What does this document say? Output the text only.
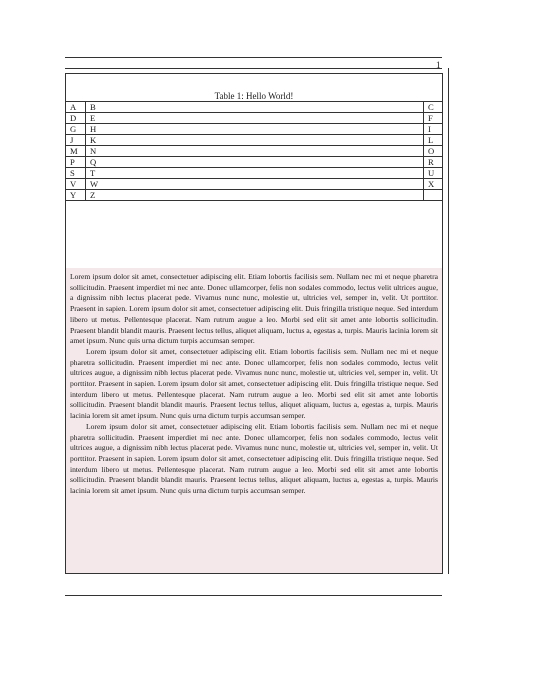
1
Table 1: Hello World!
A	B	C
D	E	F
G	H	I
J	K	L
M	N	O
P	Q	R
S	T	U
V	W	X
Y	Z	

Lorem ipsum dolor sit amet, consectetuer adipiscing elit. Etiam lobortis facilisis sem. Nullam nec mi et neque pharetra sollicitudin. Praesent imperdiet mi nec ante. Donec ullamcorper, felis non sodales commodo, lectus velit ultrices augue, a dignissim nibh lectus placerat pede. Vivamus nunc nunc, molestie ut, ultricies vel, semper in, velit. Ut porttitor. Praesent in sapien. Lorem ipsum dolor sit amet, consectetuer adipiscing elit. Duis fringilla tristique neque. Sed interdum libero ut metus. Pellentesque placerat. Nam rutrum augue a leo. Morbi sed elit sit amet ante lobortis sollicitudin. Praesent blandit blandit mauris. Praesent lectus tellus, aliquet aliquam, luctus a, egestas a, turpis. Mauris lacinia lorem sit amet ipsum. Nunc quis urna dictum turpis accumsan semper.

Lorem ipsum dolor sit amet, consectetuer adipiscing elit. Etiam lobortis facilisis sem. Nullam nec mi et neque pharetra sollicitudin. Praesent imperdiet mi nec ante. Donec ullamcorper, felis non sodales commodo, lectus velit ultrices augue, a dignissim nibh lectus placerat pede. Vivamus nunc nunc, molestie ut, ultricies vel, semper in, velit. Ut porttitor. Praesent in sapien. Lorem ipsum dolor sit amet, consectetuer adipiscing elit. Duis fringilla tristique neque. Sed interdum libero ut metus. Pellentesque placerat. Nam rutrum augue a leo. Morbi sed elit sit amet ante lobortis sollicitudin. Praesent blandit blandit mauris. Praesent lectus tellus, aliquet aliquam, luctus a, egestas a, turpis. Mauris lacinia lorem sit amet ipsum. Nunc quis urna dictum turpis accumsan semper.

Lorem ipsum dolor sit amet, consectetuer adipiscing elit. Etiam lobortis facilisis sem. Nullam nec mi et neque pharetra sollicitudin. Praesent imperdiet mi nec ante. Donec ullamcorper, felis non sodales commodo, lectus velit ultrices augue, a dignissim nibh lectus placerat pede. Vivamus nunc nunc, molestie ut, ultricies vel, semper in, velit. Ut porttitor. Praesent in sapien. Lorem ipsum dolor sit amet, consectetuer adipiscing elit. Duis fringilla tristique neque. Sed interdum libero ut metus. Pellentesque placerat. Nam rutrum augue a leo. Morbi sed elit sit amet ante lobortis sollicitudin. Praesent blandit blandit mauris. Praesent lectus tellus, aliquet aliquam, luctus a, egestas a, turpis. Mauris lacinia lorem sit amet ipsum. Nunc quis urna dictum turpis accumsan semper.
